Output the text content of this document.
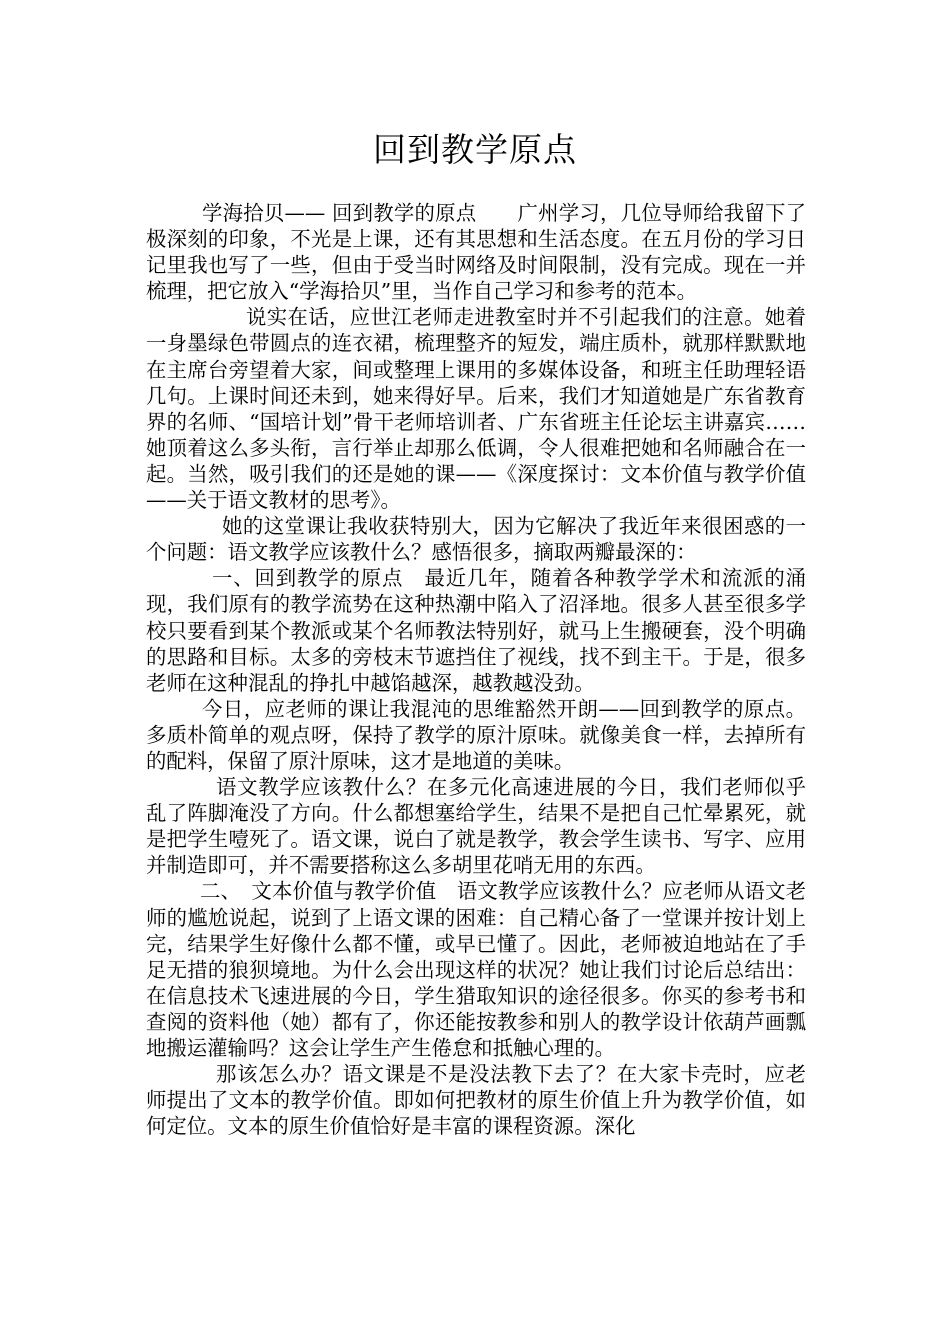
回到教学原点

学海拾贝—— 回到教学的原点　　广州学习，几位导师给我留下了极深刻的印象，不光是上课，还有其思想和生活态度。在五月份的学习日记里我也写了一些，但由于受当时网络及时间限制，没有完成。现在一并梳理，把它放入“学海拾贝”里，当作自己学习和参考的范本。

说实在话，应世江老师走进教室时并不引起我们的注意。她着一身墨绿色带圆点的连衣裙，梳理整齐的短发，端庄质朴，就那样默默地在主席台旁望着大家，间或整理上课用的多媒体设备，和班主任助理轻语几句。上课时间还未到，她来得好早。后来，我们才知道她是广东省教育界的名师、“国培计划”骨干老师培训者、广东省班主任论坛主讲嘉宾……她顶着这么多头衔，言行举止却那么低调，令人很难把她和名师融合在一起。当然，吸引我们的还是她的课——《深度探讨：文本价值与教学价值——关于语文教材的思考》。

她的这堂课让我收获特别大，因为它解决了我近年来很困惑的一个问题：语文教学应该教什么？感悟很多，摘取两瓣最深的：

一、回到教学的原点　最近几年，随着各种教学学术和流派的涌现，我们原有的教学流势在这种热潮中陷入了沼泽地。很多人甚至很多学校只要看到某个教派或某个名师教法特别好，就马上生搬硬套，没个明确的思路和目标。太多的旁枝末节遮挡住了视线，找不到主干。于是，很多老师在这种混乱的挣扎中越馅越深，越教越没劲。

今日，应老师的课让我混沌的思维豁然开朗——回到教学的原点。多质朴简单的观点呀，保持了教学的原汁原味。就像美食一样，去掉所有的配料，保留了原汁原味，这才是地道的美味。

语文教学应该教什么？在多元化高速进展的今日，我们老师似乎乱了阵脚淹没了方向。什么都想塞给学生，结果不是把自己忙晕累死，就是把学生噎死了。语文课，说白了就是教学，教会学生读书、写字、应用并制造即可，并不需要搭称这么多胡里花哨无用的东西。

二、　文本价值与教学价值　语文教学应该教什么？应老师从语文老师的尴尬说起，说到了上语文课的困难：自己精心备了一堂课并按计划上完，结果学生好像什么都不懂，或早已懂了。因此，老师被迫地站在了手足无措的狼狈境地。为什么会出现这样的状况？她让我们讨论后总结出：在信息技术飞速进展的今日，学生猎取知识的途径很多。你买的参考书和查阅的资料他（她）都有了，你还能按教参和别人的教学设计依葫芦画瓢地搬运灌输吗？这会让学生产生倦怠和抵触心理的。

那该怎么办？语文课是不是没法教下去了？在大家卡壳时，应老师提出了文本的教学价值。即如何把教材的原生价值上升为教学价值，如何定位。文本的原生价值恰好是丰富的课程资源。深化
